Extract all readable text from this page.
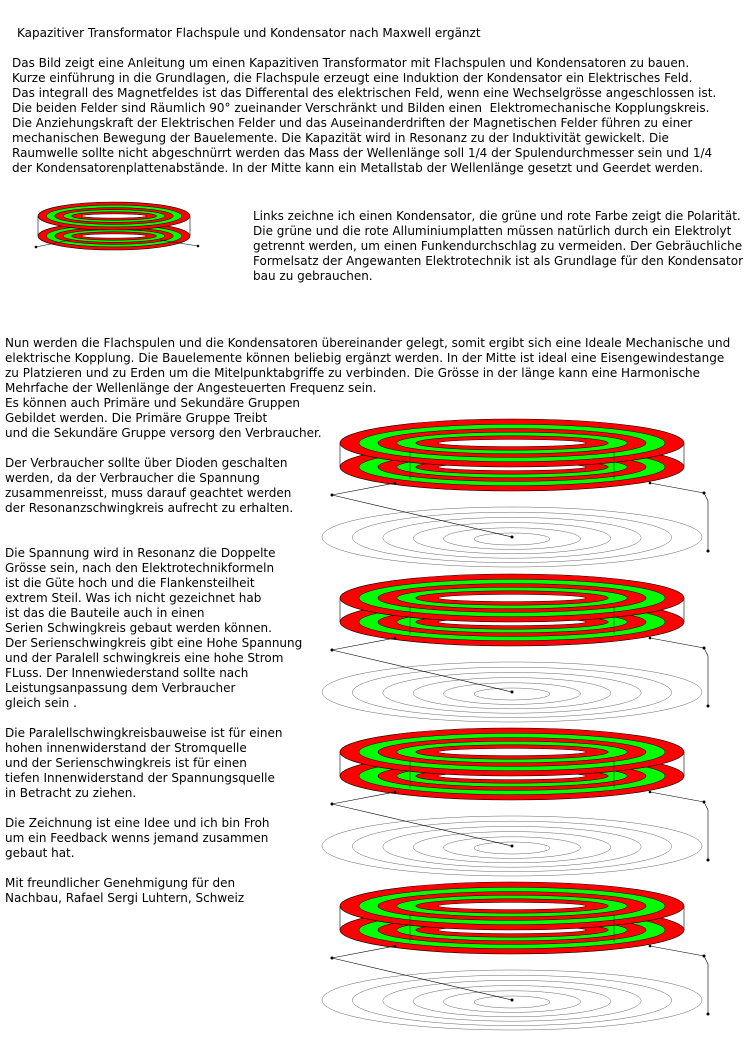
Kapazitiver Transformator Flachspule und Kondensator nach Maxwell ergänzt
Das Bild zeigt eine Anleitung um einen Kapazitiven Transformator mit Flachspulen und Kondensatoren zu bauen.
Kurze einführung in die Grundlagen, die Flachspule erzeugt eine Induktion der Kondensator ein Elektrisches Feld.
Das integrall des Magnetfeldes ist das Differental des elektrischen Feld, wenn eine Wechselgrösse angeschlossen ist.
Die beiden Felder sind Räumlich 90° zueinander Verschränkt und Bilden einen  Elektromechanische Kopplungskreis.
Die Anziehungskraft der Elektrischen Felder und das Auseinanderdriften der Magnetischen Felder führen zu einer
mechanischen Bewegung der Bauelemente. Die Kapazität wird in Resonanz zu der Induktivität gewickelt. Die
Raumwelle sollte nicht abgeschnürrt werden das Mass der Wellenlänge soll 1/4 der Spulendurchmesser sein und 1/4
der Kondensatorenplattenabstände. In der Mitte kann ein Metallstab der Wellenlänge gesetzt und Geerdet werden.
Links zeichne ich einen Kondensator, die grüne und rote Farbe zeigt die Polarität.
Die grüne und die rote Alluminiumplatten müssen natürlich durch ein Elektrolyt
getrennt werden, um einen Funkendurchschlag zu vermeiden. Der Gebräuchliche
Formelsatz der Angewanten Elektrotechnik ist als Grundlage für den Kondensator
bau zu gebrauchen.
Nun werden die Flachspulen und die Kondensatoren übereinander gelegt, somit ergibt sich eine Ideale Mechanische und
elektrische Kopplung. Die Bauelemente können beliebig ergänzt werden. In der Mitte ist ideal eine Eisengewindestange
zu Platzieren und zu Erden um die Mitelpunktabgriffe zu verbinden. Die Grösse in der länge kann eine Harmonische
Mehrfache der Wellenlänge der Angesteuerten Frequenz sein.
Es können auch Primäre und Sekundäre Gruppen
Gebildet werden. Die Primäre Gruppe Treibt
und die Sekundäre Gruppe versorg den Verbraucher.
Der Verbraucher sollte über Dioden geschalten
werden, da der Verbraucher die Spannung
zusammenreisst, muss darauf geachtet werden
der Resonanzschwingkreis aufrecht zu erhalten.
Die Spannung wird in Resonanz die Doppelte
Grösse sein, nach den Elektrotechnikformeln
ist die Güte hoch und die Flankensteilheit
extrem Steil. Was ich nicht gezeichnet hab
ist das die Bauteile auch in einen
Serien Schwingkreis gebaut werden können.
Der Serienschwingkreis gibt eine Hohe Spannung
und der Paralell schwingkreis eine hohe Strom
FLuss. Der Innenwiederstand sollte nach
Leistungsanpassung dem Verbraucher
gleich sein .
Die Paralellschwingkreisbauweise ist für einen
hohen innenwiderstand der Stromquelle
und der Serienschwingkreis ist für einen
tiefen Innenwiderstand der Spannungsquelle
in Betracht zu ziehen.
Die Zeichnung ist eine Idee und ich bin Froh
um ein Feedback wenns jemand zusammen
gebaut hat.
Mit freundlicher Genehmigung für den
Nachbau, Rafael Sergi Luhtern, Schweiz
